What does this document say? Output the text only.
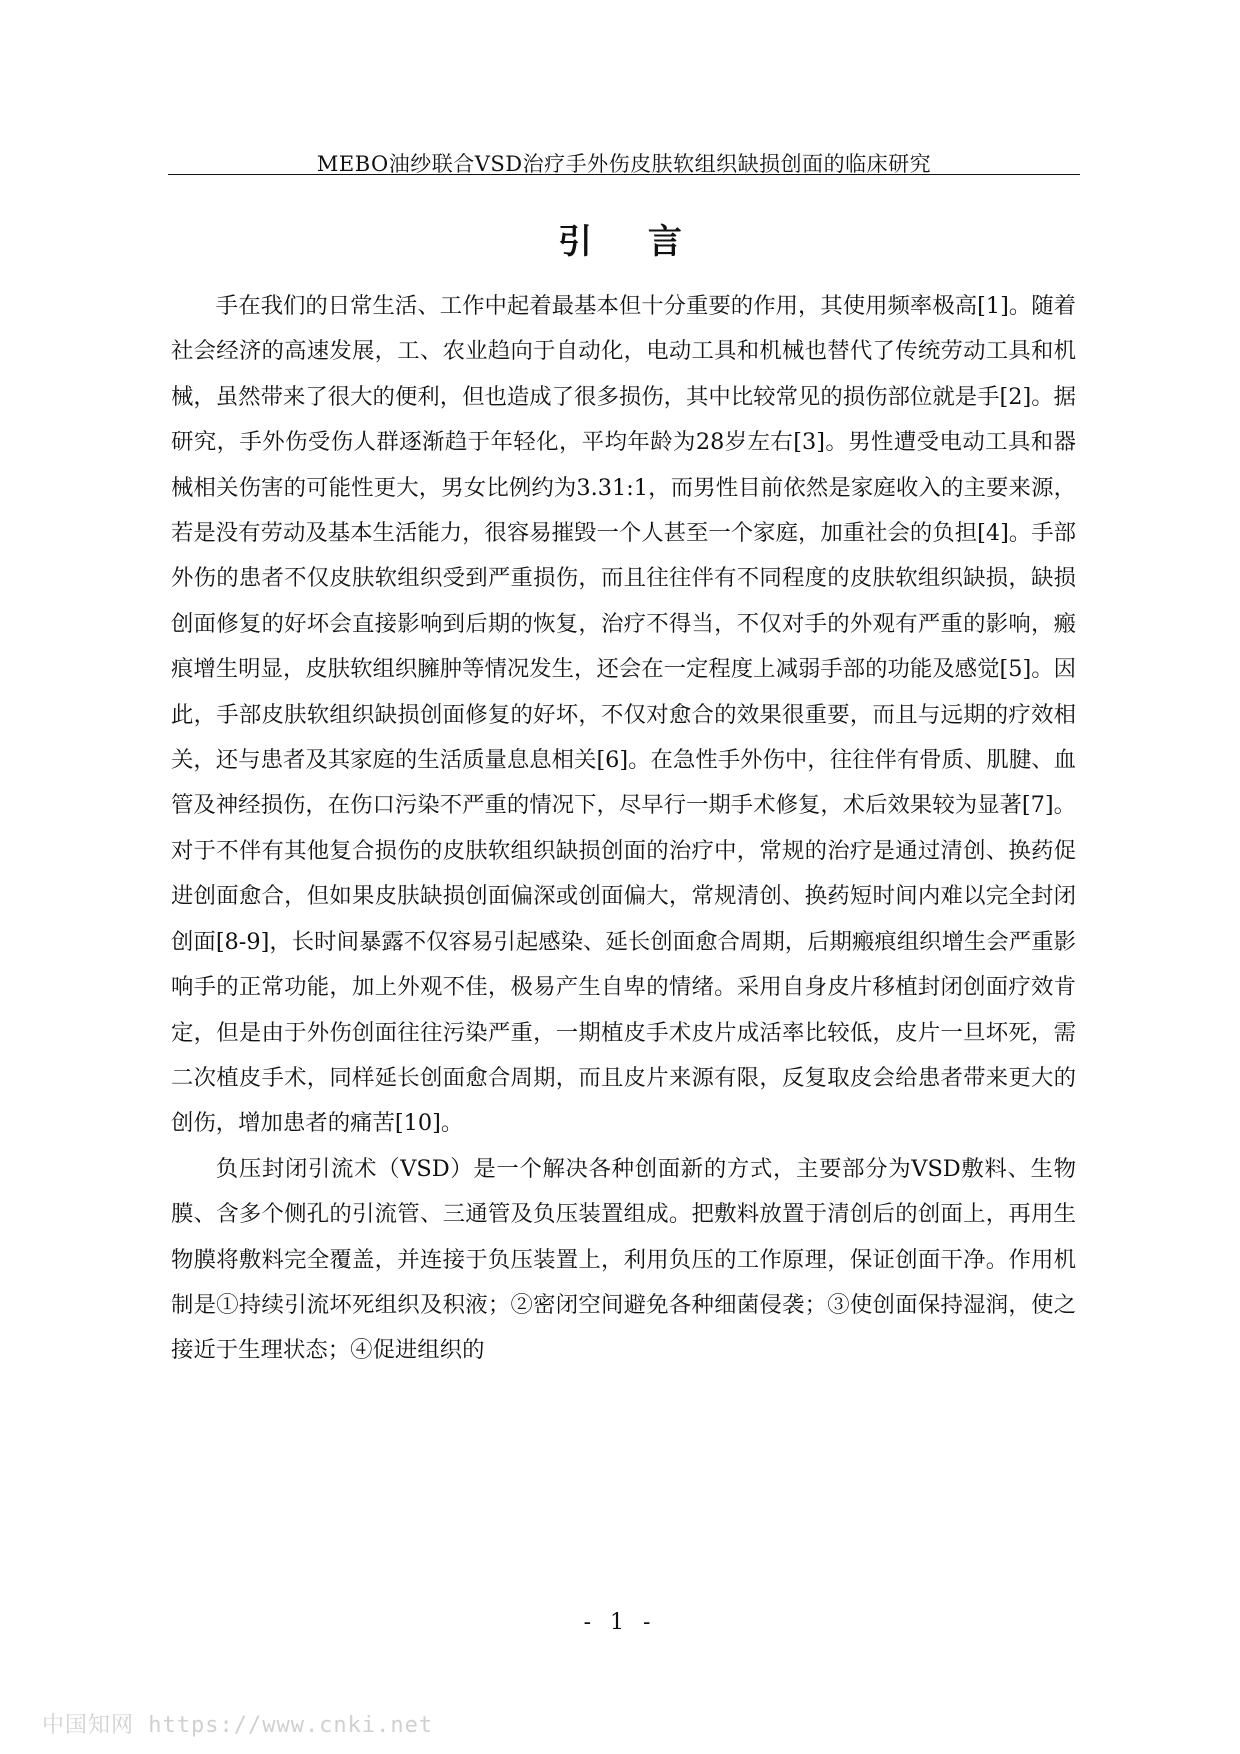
MEBO油纱联合VSD治疗手外伤皮肤软组织缺损创面的临床研究
引 言

手在我们的日常生活、工作中起着最基本但十分重要的作用，其使用频率极高[1]。随着社会经济的高速发展，工、农业趋向于自动化，电动工具和机械也替代了传统劳动工具和机械，虽然带来了很大的便利，但也造成了很多损伤，其中比较常见的损伤部位就是手[2]。据研究，手外伤受伤人群逐渐趋于年轻化，平均年龄为28岁左右[3]。男性遭受电动工具和器械相关伤害的可能性更大，男女比例约为3.31:1，而男性目前依然是家庭收入的主要来源，若是没有劳动及基本生活能力，很容易摧毁一个人甚至一个家庭，加重社会的负担[4]。手部外伤的患者不仅皮肤软组织受到严重损伤，而且往往伴有不同程度的皮肤软组织缺损，缺损创面修复的好坏会直接影响到后期的恢复，治疗不得当，不仅对手的外观有严重的影响，瘢痕增生明显，皮肤软组织臃肿等情况发生，还会在一定程度上减弱手部的功能及感觉[5]。因此，手部皮肤软组织缺损创面修复的好坏，不仅对愈合的效果很重要，而且与远期的疗效相关，还与患者及其家庭的生活质量息息相关[6]。在急性手外伤中，往往伴有骨质、肌腱、血管及神经损伤，在伤口污染不严重的情况下，尽早行一期手术修复，术后效果较为显著[7]。对于不伴有其他复合损伤的皮肤软组织缺损创面的治疗中，常规的治疗是通过清创、换药促进创面愈合，但如果皮肤缺损创面偏深或创面偏大，常规清创、换药短时间内难以完全封闭创面[8-9]，长时间暴露不仅容易引起感染、延长创面愈合周期，后期瘢痕组织增生会严重影响手的正常功能，加上外观不佳，极易产生自卑的情绪。采用自身皮片移植封闭创面疗效肯定，但是由于外伤创面往往污染严重，一期植皮手术皮片成活率比较低，皮片一旦坏死，需二次植皮手术，同样延长创面愈合周期，而且皮片来源有限，反复取皮会给患者带来更大的创伤，增加患者的痛苦[10]。

负压封闭引流术（VSD）是一个解决各种创面新的方式，主要部分为VSD敷料、生物膜、含多个侧孔的引流管、三通管及负压装置组成。把敷料放置于清创后的创面上，再用生物膜将敷料完全覆盖，并连接于负压装置上，利用负压的工作原理，保证创面干净。作用机制是①持续引流坏死组织及积液；②密闭空间避免各种细菌侵袭；③使创面保持湿润，使之接近于生理状态；④促进组织的

- 1 -
中国知网 https://www.cnki.net
